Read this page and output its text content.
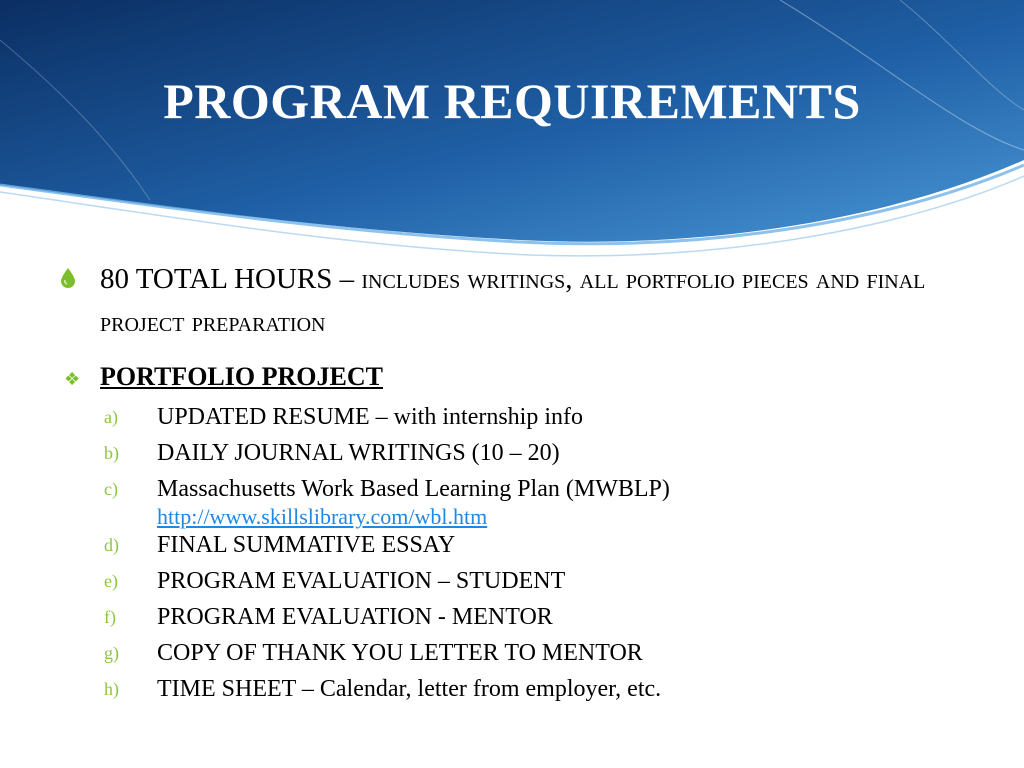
PROGRAM REQUIREMENTS
80 TOTAL HOURS – includes writings, all portfolio pieces and final project preparation
❖ PORTFOLIO PROJECT
a) UPDATED RESUME – with internship info
b) DAILY JOURNAL WRITINGS (10 – 20)
c) Massachusetts Work Based Learning Plan (MWBLP)
http://www.skillslibrary.com/wbl.htm
d) FINAL SUMMATIVE ESSAY
e) PROGRAM EVALUATION – STUDENT
f) PROGRAM EVALUATION - MENTOR
g) COPY OF THANK YOU LETTER TO MENTOR
h) TIME SHEET – Calendar, letter from employer, etc.
